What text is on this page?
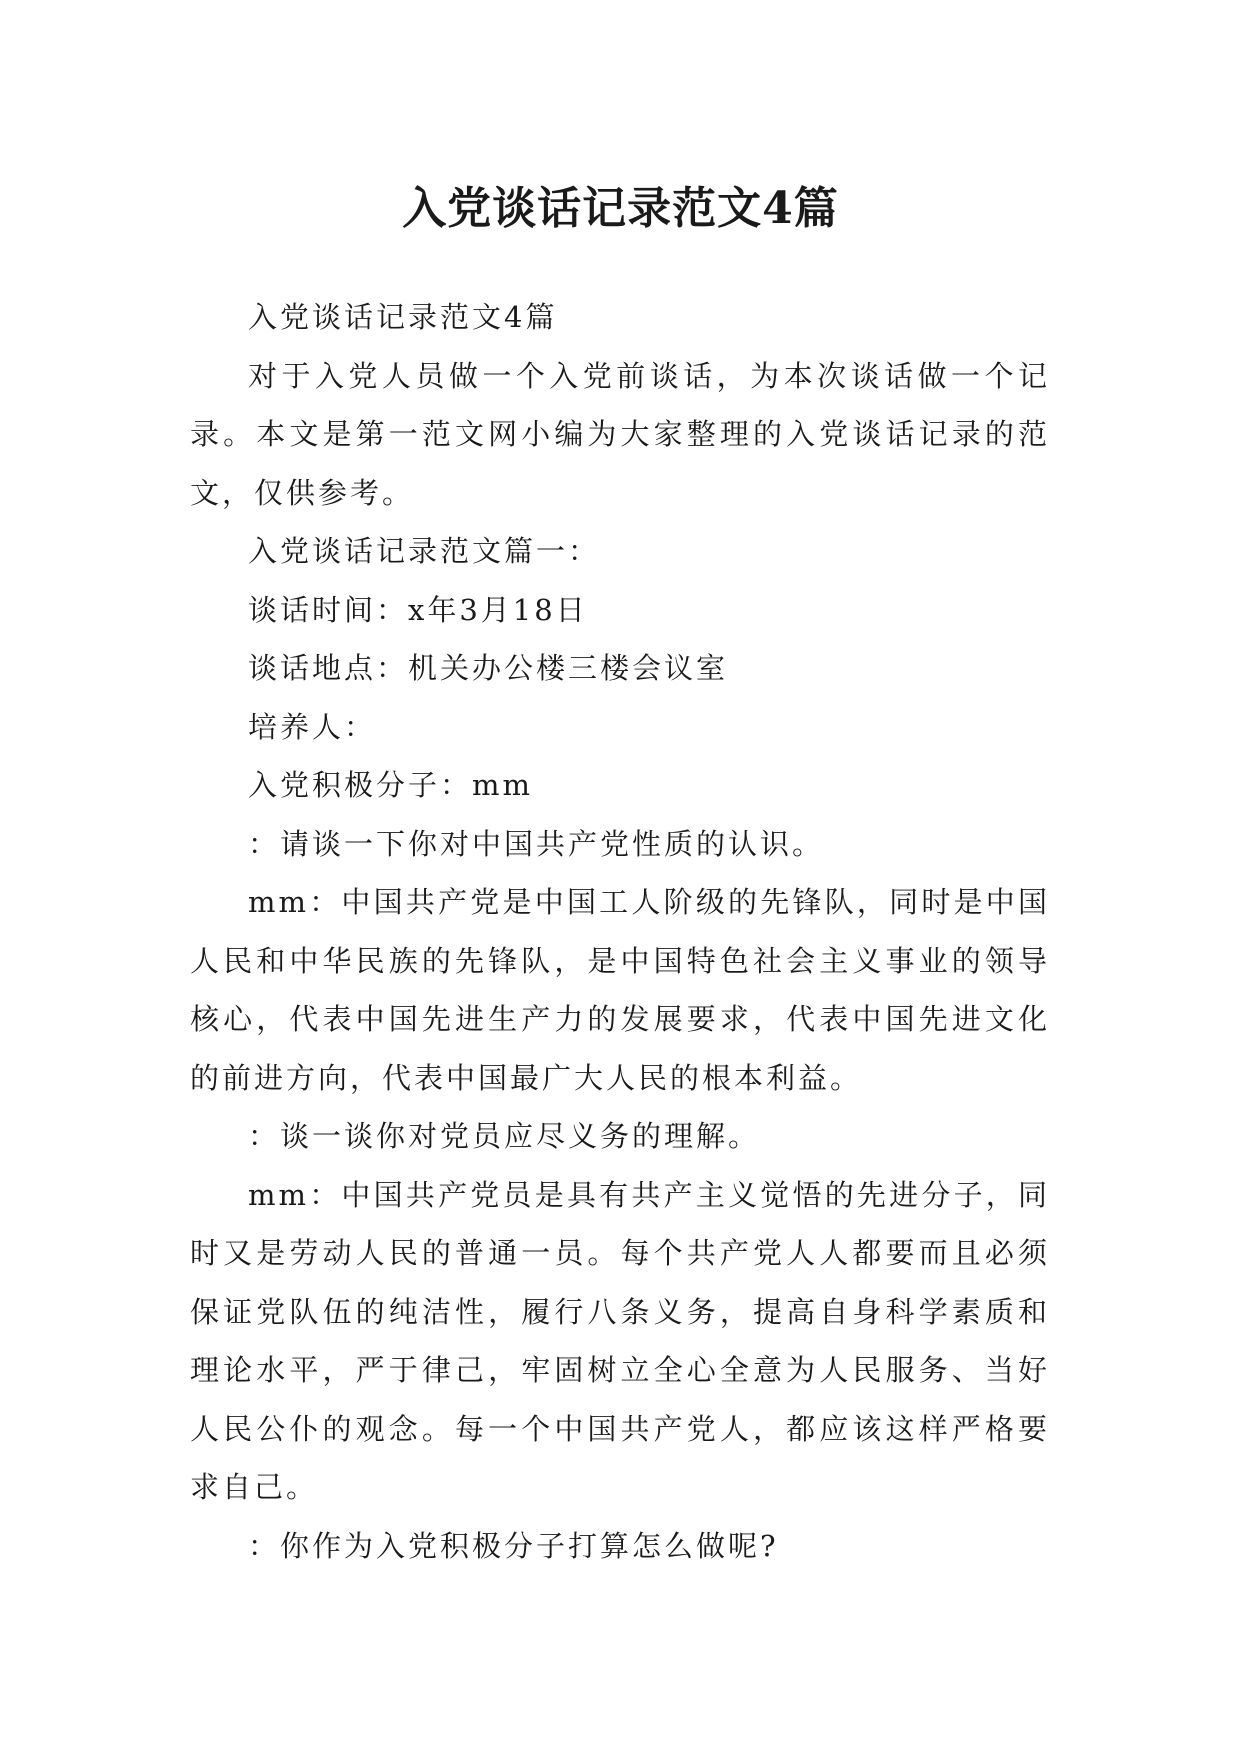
入党谈话记录范文4篇

入党谈话记录范文4篇

对于入党人员做一个入党前谈话，为本次谈话做一个记录。本文是第一范文网小编为大家整理的入党谈话记录的范文，仅供参考。

入党谈话记录范文篇一：

谈话时间：x年3月18日

谈话地点：机关办公楼三楼会议室

培养人：

入党积极分子：mm

：请谈一下你对中国共产党性质的认识。

mm：中国共产党是中国工人阶级的先锋队，同时是中国人民和中华民族的先锋队，是中国特色社会主义事业的领导核心，代表中国先进生产力的发展要求，代表中国先进文化的前进方向，代表中国最广大人民的根本利益。

：谈一谈你对党员应尽义务的理解。

mm：中国共产党员是具有共产主义觉悟的先进分子，同时又是劳动人民的普通一员。每个共产党人人都要而且必须保证党队伍的纯洁性，履行八条义务，提高自身科学素质和理论水平，严于律己，牢固树立全心全意为人民服务、当好人民公仆的观念。每一个中国共产党人，都应该这样严格要求自己。

：你作为入党积极分子打算怎么做呢?
